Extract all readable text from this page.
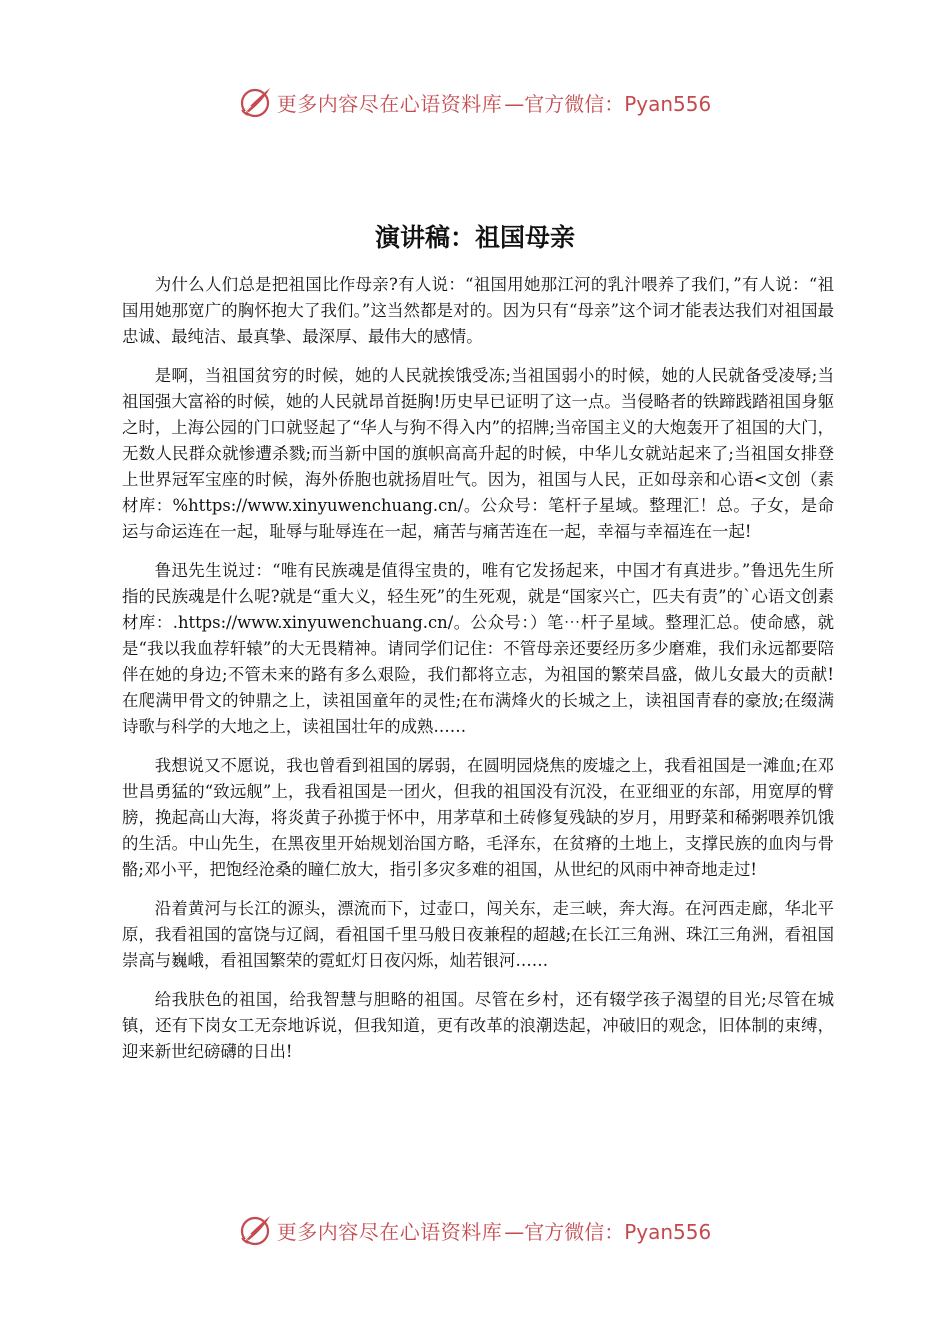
更多内容尽在心语资料库 —官方微信：Pyan556
演讲稿：祖国母亲

为什么人们总是把祖国比作母亲?有人说：“祖国用她那江河的乳汁喂养了我们，”有人说：“祖国用她那宽广的胸怀抱大了我们。”这当然都是对的。因为只有“母亲”这个词才能表达我们对祖国最忠诚、最纯洁、最真挚、最深厚、最伟大的感情。

是啊，当祖国贫穷的时候，她的人民就挨饿受冻;当祖国弱小的时候，她的人民就备受凌辱;当祖国强大富裕的时候，她的人民就昂首挺胸!历史早已证明了这一点。当侵略者的铁蹄践踏祖国身躯之时，上海公园的门口就竖起了“华人与狗不得入内”的招牌;当帝国主义的大炮轰开了祖国的大门，无数人民群众就惨遭杀戮;而当新中国的旗帜高高升起的时候，中华儿女就站起来了;当祖国女排登上世界冠军宝座的时候，海外侨胞也就扬眉吐气。因为，祖国与人民，正如母亲和心语<文创（素材库：%https://www.xinyuwenchuang.cn/。公众号：笔杆子星域。整理汇！总。子女，是命运与命运连在一起，耻辱与耻辱连在一起，痛苦与痛苦连在一起，幸福与幸福连在一起!

鲁迅先生说过：“唯有民族魂是值得宝贵的，唯有它发扬起来，中国才有真进步。”鲁迅先生所指的民族魂是什么呢?就是“重大义，轻生死”的生死观，就是“国家兴亡，匹夫有责”的`心语文创素材库：.https://www.xinyuwenchuang.cn/。公众号：）笔⋯杆子星域。整理汇总。使命感，就是“我以我血荐轩辕”的大无畏精神。请同学们记住：不管母亲还要经历多少磨难，我们永远都要陪伴在她的身边;不管未来的路有多么艰险，我们都将立志，为祖国的繁荣昌盛，做儿女最大的贡献!在爬满甲骨文的钟鼎之上，读祖国童年的灵性;在布满烽火的长城之上，读祖国青春的豪放;在缀满诗歌与科学的大地之上，读祖国壮年的成熟……

我想说又不愿说，我也曾看到祖国的孱弱，在圆明园烧焦的废墟之上，我看祖国是一滩血;在邓世昌勇猛的“致远舰”上，我看祖国是一团火，但我的祖国没有沉没，在亚细亚的东部，用宽厚的臂膀，挽起高山大海，将炎黄子孙揽于怀中，用茅草和土砖修复残缺的岁月，用野菜和稀粥喂养饥饿的生活。中山先生，在黑夜里开始规划治国方略，毛泽东，在贫瘠的土地上，支撑民族的血肉与骨骼;邓小平，把饱经沧桑的瞳仁放大，指引多灾多难的祖国，从世纪的风雨中神奇地走过!

沿着黄河与长江的源头，漂流而下，过壶口，闯关东，走三峡，奔大海。在河西走廊，华北平原，我看祖国的富饶与辽阔，看祖国千里马般日夜兼程的超越;在长江三角洲、珠江三角洲，看祖国崇高与巍峨，看祖国繁荣的霓虹灯日夜闪烁，灿若银河……

给我肤色的祖国，给我智慧与胆略的祖国。尽管在乡村，还有辍学孩子渴望的目光;尽管在城镇，还有下岗女工无奈地诉说，但我知道，更有改革的浪潮迭起，冲破旧的观念，旧体制的束缚，迎来新世纪磅礴的日出!

更多内容尽在心语资料库 —官方微信：Pyan556
